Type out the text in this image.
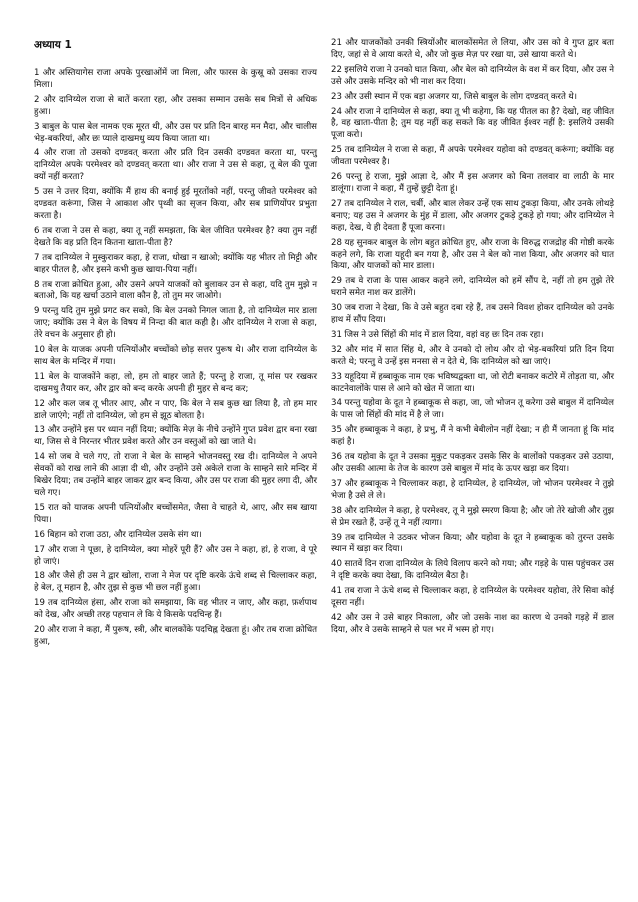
अध्याय 1

1 और अस्तियागेस राजा अपके पुरखाओंमें जा मिला, और फारस के कुस्रू को उसका राज्य मिला।

2 और दानिय्येल राजा से बातें करता रहा, और उसका सम्मान उसके सब मित्रों से अधिक हुआ।

3 बाबुल के पास बेल नामक एक मूरत थी, और उस पर प्रति दिन बारह मन मैदा, और चालीस भेड़-बकरियां, और छः प्याले दाखमधु व्यय किया जाता था।

4 और राजा तो उसको दण्डवत् करता और प्रति दिन उसकी दण्डवत करता था, परन्तु दानिय्येल अपके परमेश्वर को दण्डवत् करता था। और राजा ने उस से कहा, तू बेल की पूजा क्यों नहीं करता?

5 उस ने उत्तर दिया, क्योंकि मैं हाथ की बनाई हुई मूरतोंको नहीं, परन्तु जीवते परमेश्वर को दण्डवत करूंगा, जिस ने आकाश और पृथ्वी का सृजन किया, और सब प्राणियोंपर प्रभुता करता है।

6 तब राजा ने उस से कहा, क्या तू नहीं समझता, कि बेल जीवित परमेश्वर है? क्या तुम नहीं देखते कि वह प्रति दिन कितना खाता-पीता है?

7 तब दानिय्येल ने मुस्कुराकर कहा, हे राजा, धोखा न खाओ; क्योंकि यह भीतर तो मिट्टी और बाहर पीतल है, और इसने कभी कुछ खाया-पिया नहीं।

8 तब राजा क्रोधित हुआ, और उसने अपने याजकों को बुलाकर उन से कहा, यदि तुम मुझे न बताओ, कि यह खर्चा उठाने वाला कौन है, तो तुम मर जाओगे।

9 परन्तु यदि तुम मुझे प्रगट कर सको, कि बेल उनको निगल जाता है, तो दानिय्येल मार डाला जाए; क्योंकि उस ने बेल के विषय में निन्दा की बात कही है। और दानिय्येल ने राजा से कहा, तेरे वचन के अनुसार ही हो।

10 बेल के याजक अपनी पत्नियोंऔर बच्चोंको छोड़ सत्तर पुरूष थे। और राजा दानिय्येल के साथ बेल के मन्दिर में गया।

11 बेल के याजकोंने कहा, लो, हम तो बाहर जाते हैं; परन्तु हे राजा, तू मांस पर रखकर दाखमधु तैयार कर, और द्वार को बन्द करके अपनी ही मुहर से बन्द कर;

12 और कल जब तू भीतर आए, और न पाए, कि बेल ने सब कुछ खा लिया है, तो हम मार डाले जाएंगे; नहीं तो दानिय्येल, जो हम से झूठ बोलता है।

13 और उन्होंने इस पर ध्यान नहीं दिया; क्योंकि मेज़ के नीचे उन्होंने गुप्त प्रवेश द्वार बना रखा था, जिस से वे निरन्तर भीतर प्रवेश करते और उन वस्तुओं को खा जाते थे।

14 सो जब वे चले गए, तो राजा ने बेल के साम्हने भोजनवस्तु रख दी। दानिय्येल ने अपने सेवकों को राख लाने की आज्ञा दी थी, और उन्होंने उसे अकेले राजा के साम्हने सारे मन्दिर में बिखेर दिया; तब उन्होंने बाहर जाकर द्वार बन्द किया, और उस पर राजा की मुहर लगा दी, और चले गए।

15 रात को याजक अपनी पत्नियोंऔर बच्चोंसमेत, जैसा वे चाहते थे, आए, और सब खाया पिया।

16 बिहान को राजा उठा, और दानिय्येल उसके संग था।

17 और राजा ने पूछा, हे दानिय्येल, क्या मोहरें पूरी हैं? और उस ने कहा, हां, हे राजा, वे पूरे हो जाएं।

18 और जैसे ही उस ने द्वार खोला, राजा ने मेज पर दृष्टि करके ऊंचे शब्द से चिल्लाकर कहा, हे बेल, तू महान है, और तुझ से कुछ भी छल नहीं हुआ।

19 तब दानिय्येल हंसा, और राजा को समझाया, कि वह भीतर न जाए, और कहा, फ़र्शपाथ को देख, और अच्छी तरह पहचान ले कि ये किसके पदचिन्ह हैं।

20 और राजा ने कहा, मैं पुरूष, स्त्री, और बालकोंके पदचिह्न देखता हूं। और तब राजा क्रोधित हुआ,

21 और याजकोंको उनकी स्त्रियोंऔर बालकोंसमेत ले लिया, और उस को वे गुप्त द्वार बता दिए, जहां से वे आया करते थे, और जो कुछ मेज़ पर रखा या, उसे खाया करते थे।

22 इसलिये राजा ने उनको घात किया, और बेल को दानिय्येल के वश में कर दिया, और उस ने उसे और उसके मन्दिर को भी नाश कर दिया।

23 और उसी स्थान में एक बड़ा अजगर या, जिसे बाबुल के लोग दण्डवत् करते थे।

24 और राजा ने दानिय्येल से कहा, क्या तू भी कहेगा, कि यह पीतल का है? देखो, वह जीवित है, वह खाता-पीता है; तुम यह नहीं कह सकते कि वह जीवित ईश्वर नहीं है: इसलिये उसकी पूजा करो।

25 तब दानिय्येल ने राजा से कहा, मैं अपके परमेश्वर यहोवा को दण्डवत् करूंगा; क्योंकि वह जीवता परमेश्वर है।

26 परन्तु हे राजा, मुझे आज्ञा दे, और मैं इस अजगर को बिना तलवार वा लाठी के मार डालूंगा। राजा ने कहा, मैं तुम्हें छुट्टी देता हूं।

27 तब दानिय्येल ने राल, चर्बी, और बाल लेकर उन्हें एक साथ टुकड़ा किया, और उनके लोथड़े बनाए; यह उस ने अजगर के मुंह में डाला, और अजगर टुकड़े टुकड़े हो गया; और दानिय्येल ने कहा, देख, ये ही देवता हैं पूजा करना।

28 यह सुनकर बाबुल के लोग बहुत क्रोधित हुए, और राजा के विरुद्ध राजद्रोह की गोष्ठी करके कहने लगे, कि राजा यहूदी बन गया है, और उस ने बेल को नाश किया, और अजगर को घात किया, और याजकों को मार डाला।

29 तब वे राजा के पास आकर कहने लगे, दानिय्येल को हमें सौंप दे, नहीं तो हम तुझे तेरे घराने समेत नाश कर डालेंगे।

30 जब राजा ने देखा, कि वे उसे बहुत दबा रहे हैं, तब उसने विवश होकर दानिय्येल को उनके हाथ में सौंप दिया।

31 जिस ने उसे सिंहों की मांद में डाल दिया, वहां वह छः दिन तक रहा।

32 और मांद में सात सिंह थे, और वे उनको दो लोथ और दो भेड़-बकरियां प्रति दिन दिया करते थे; परन्तु वे उन्हें इस मनसा से न देते थे, कि दानिय्येल को खा जाएं।

33 यहूदिया में हब्बाकूक नाम एक भविष्यद्वक्ता था, जो रोटी बनाकर कटोरे में तोड़ता या, और काटनेवालोंके पास ले आने को खेत में जाता था।

34 परन्तु यहोवा के दूत ने हब्बाकूक से कहा, जा, जो भोजन तू करेगा उसे बाबुल में दानिय्येल के पास जो सिंहों की मांद में है ले जा।

35 और हब्बाकूक ने कहा, हे प्रभु, मैं ने कभी बेबीलोन नहीं देखा; न ही मैं जानता हूं कि मांद कहां है।

36 तब यहोवा के दूत ने उसका मुकुट पकड़कर उसके सिर के बालोंको पकड़कर उसे उठाया, और उसकी आत्मा के तेज के कारण उसे बाबुल में मांद के ऊपर खड़ा कर दिया।

37 और हब्बाकूक ने चिल्लाकर कहा, हे दानिय्येल, हे दानिय्येल, जो भोजन परमेश्वर ने तुझे भेजा है उसे ले ले।

38 और दानिय्येल ने कहा, हे परमेश्वर, तू ने मुझे स्मरण किया है; और जो तेरे खोजी और तुझ से प्रेम रखते हैं, उन्हें तू ने नहीं त्यागा।

39 तब दानिय्येल ने उठकर भोजन किया; और यहोवा के दूत ने हब्बाकूक को तुरन्त उसके स्थान में खड़ा कर दिया।

40 सातवें दिन राजा दानिय्येल के लिये विलाप करने को गया; और गड़हे के पास पहुंचकर उस ने दृष्टि करके क्या देखा, कि दानिय्येल बैठा है।

41 तब राजा ने ऊंचे शब्द से चिल्लाकर कहा, हे दानिय्येल के परमेश्वर यहोवा, तेरे सिवा कोई दूसरा नहीं।

42 और उस ने उसे बाहर निकाला, और जो उसके नाश का कारण थे उनको गड़हे में डाल दिया, और वे उसके साम्हने से पल भर में भस्म हो गए।
